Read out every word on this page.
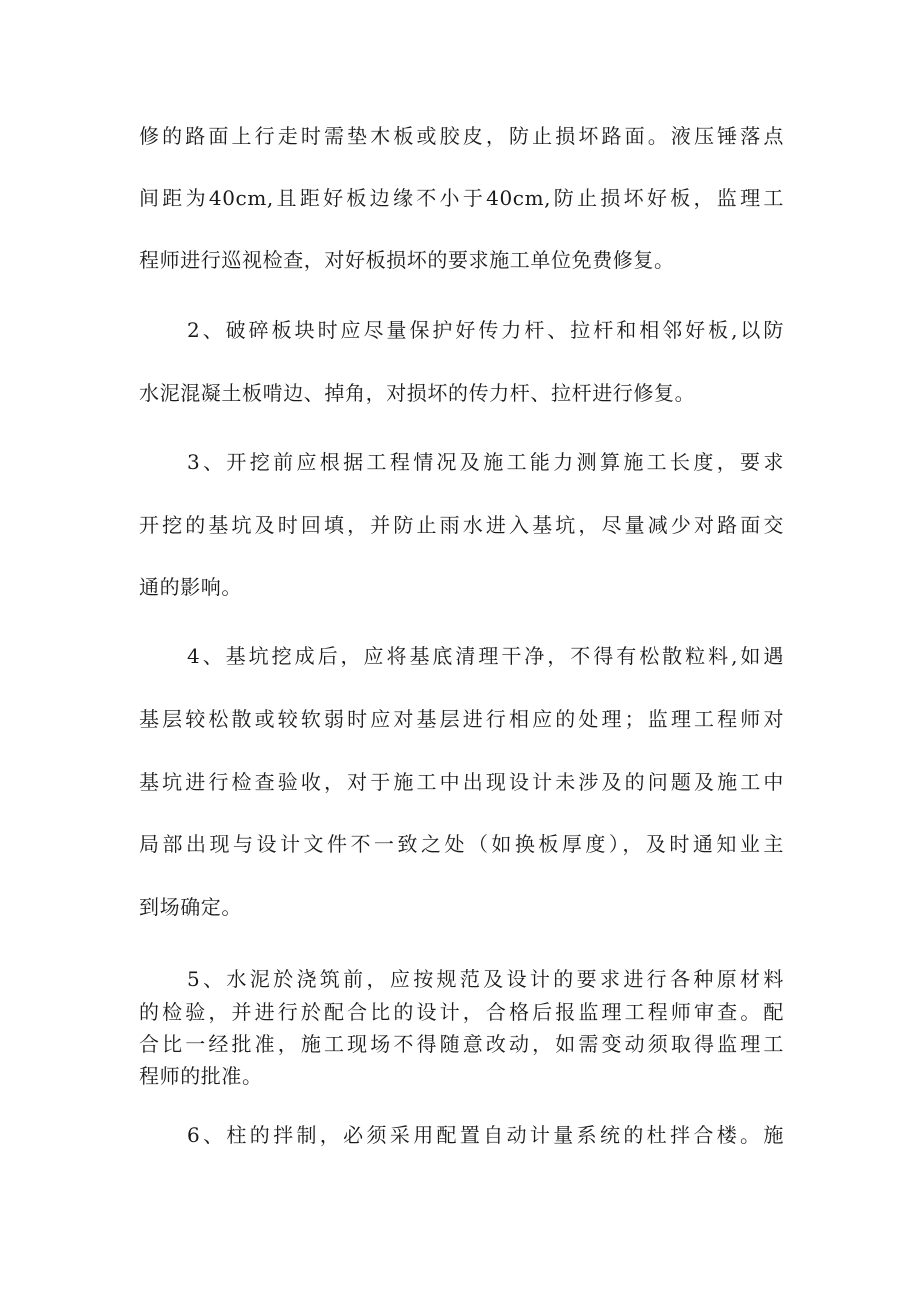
修的路面上行走时需垫木板或胶皮，防止损坏路面。液压锤落点
间距为40cm,且距好板边缘不小于40cm,防止损坏好板，监理工
程师进行巡视检查，对好板损坏的要求施工单位免费修复。
2、破碎板块时应尽量保护好传力杆、拉杆和相邻好板,以防
水泥混凝土板啃边、掉角，对损坏的传力杆、拉杆进行修复。
3、开挖前应根据工程情况及施工能力测算施工长度，要求
开挖的基坑及时回填，并防止雨水进入基坑，尽量减少对路面交
通的影响。
4、基坑挖成后，应将基底清理干净，不得有松散粒料,如遇
基层较松散或较软弱时应对基层进行相应的处理；监理工程师对
基坑进行检查验收，对于施工中出现设计未涉及的问题及施工中
局部出现与设计文件不一致之处（如换板厚度），及时通知业主
到场确定。
5、水泥於浇筑前，应按规范及设计的要求进行各种原材料
的检验，并进行於配合比的设计，合格后报监理工程师审查。配
合比一经批准，施工现场不得随意改动，如需变动须取得监理工
程师的批准。
6、柱的拌制，必须采用配置自动计量系统的杜拌合楼。施
